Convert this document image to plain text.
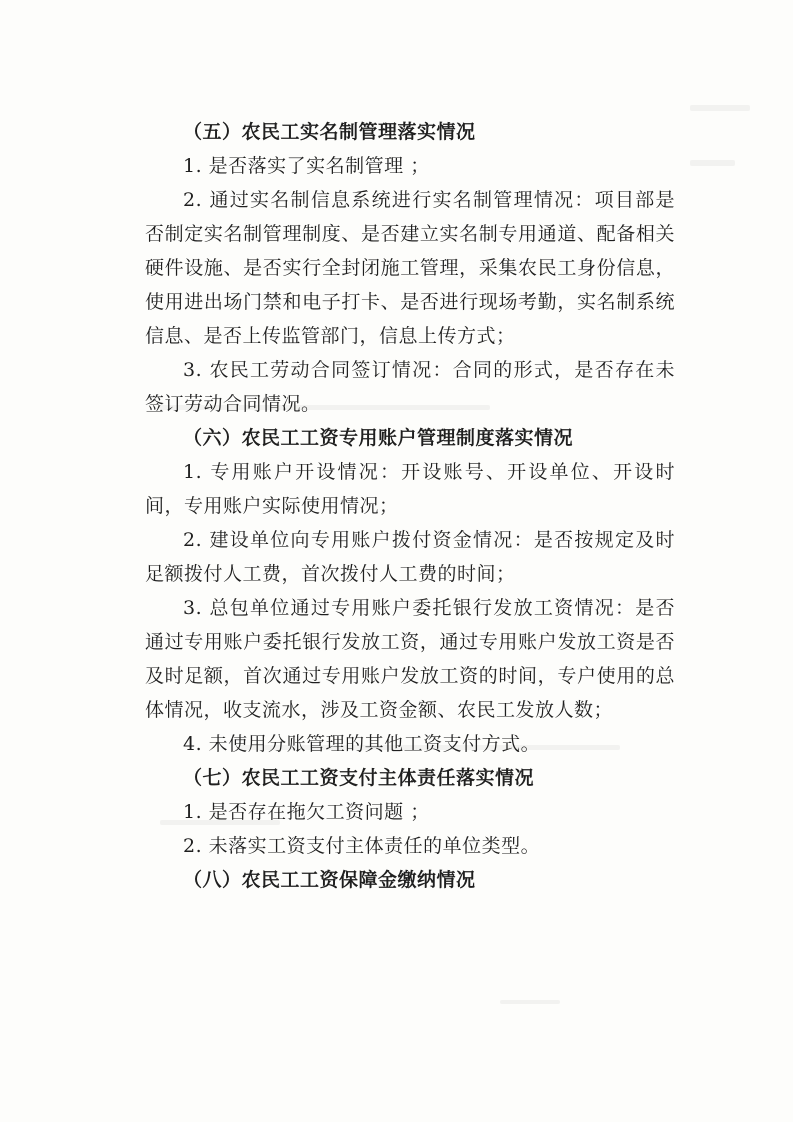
（五）农民工实名制管理落实情况

1. 是否落实了实名制管理 ；

2. 通过实名制信息系统进行实名制管理情况：项目部是否制定实名制管理制度、是否建立实名制专用通道、配备相关硬件设施、是否实行全封闭施工管理，采集农民工身份信息，使用进出场门禁和电子打卡、是否进行现场考勤，实名制系统信息、是否上传监管部门，信息上传方式；

3. 农民工劳动合同签订情况：合同的形式，是否存在未签订劳动合同情况。

（六）农民工工资专用账户管理制度落实情况

1. 专用账户开设情况：开设账号、开设单位、开设时间，专用账户实际使用情况；

2. 建设单位向专用账户拨付资金情况：是否按规定及时足额拨付人工费，首次拨付人工费的时间；

3. 总包单位通过专用账户委托银行发放工资情况：是否通过专用账户委托银行发放工资，通过专用账户发放工资是否及时足额，首次通过专用账户发放工资的时间，专户使用的总体情况，收支流水，涉及工资金额、农民工发放人数；

4. 未使用分账管理的其他工资支付方式。

（七）农民工工资支付主体责任落实情况

1. 是否存在拖欠工资问题 ；

2. 未落实工资支付主体责任的单位类型。

（八）农民工工资保障金缴纳情况
